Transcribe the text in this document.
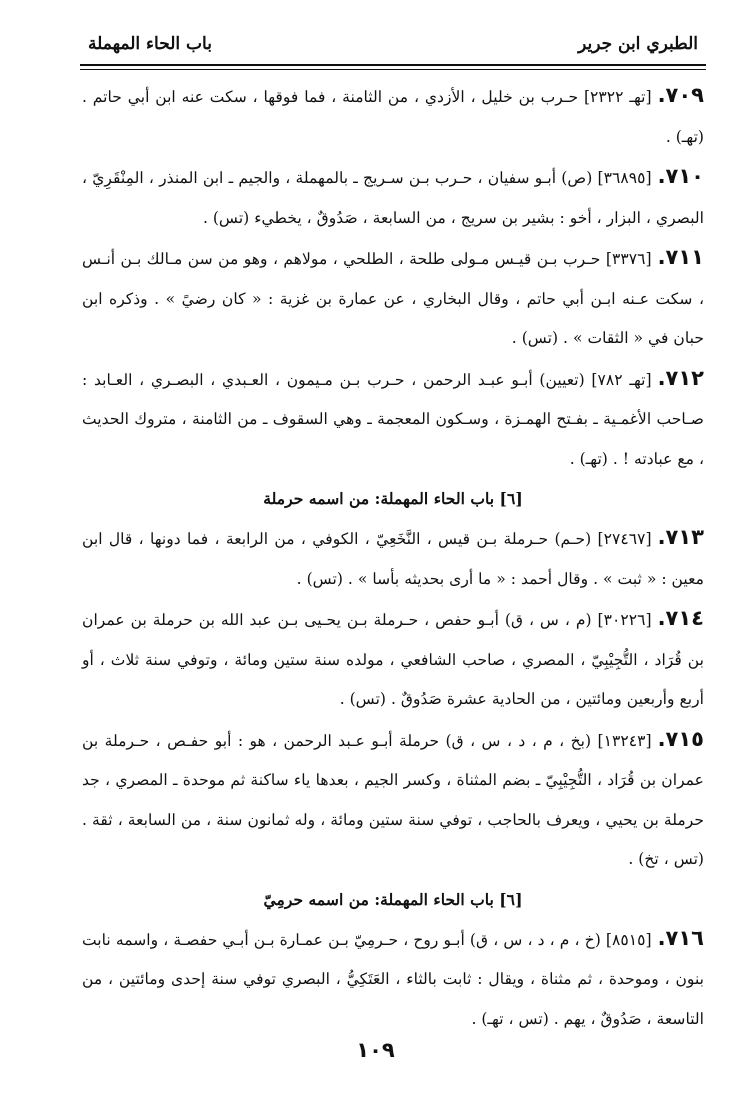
الطبري ابن جرير
باب الحاء المهملة

٧٠٩.[تهـ ٢٣٢٢] حـرب بن خليل ، الأزدي ، من الثامنة ، فما فوقها ، سكت عنه ابن أبي حاتم . (تهـ) .

٧١٠.[٣٦٨٩٥] (ص) أبـو سفيان ، حـرب بـن سـريج ـ بالمهملة ، والجيم ـ ابن المنذر ، المِنْقَرِيّ ، البصري ، البزار ، أخو : بشير بن سريج ، من السابعة ، صَدُوقٌ ، يخطيء (تس) .

٧١١.[٣٣٧٦] حـرب بـن قيـس مـولى طلحة ، الطلحي ، مولاهم ، وهو من سن مـالك بـن أنـس ، سكت عـنه ابـن أبي حاتم ، وقال البخاري ، عن عمارة بن غزية : « كان رضيً » . وذكره ابن حبان في « الثقات » . (تس) .

٧١٢.[تهـ ٧٨٢] (تعيين) أبـو عبـد الرحمن ، حـرب بـن مـيمون ، العـبدي ، البصـري ، العـابد : صـاحب الأغمـية ـ بفـتح الهمـزة ، وسـكون المعجمة ـ وهي السقوف ـ من الثامنة ، متروك الحديث ، مع عبادته ! . (تهـ) .

[٦] باب الحاء المهملة: من اسمه حرملة

٧١٣.[٢٧٤٦٧] (حـم) حـرملة بـن قيس ، النَّخَعِيّ ، الكوفي ، من الرابعة ، فما دونها ، قال ابن معين : « ثبت » . وقال أحمد : « ما أرى بحديثه بأسا » . (تس) .

٧١٤.[٣٠٢٢٦] (م ، س ، ق) أبـو حفص ، حـرملة بـن يحـيى بـن عبد الله بن حرملة بن عمران بن قُرَاد ، التُّجِيْبِيّ ، المصري ، صاحب الشافعي ، مولده سنة ستين ومائة ، وتوفي سنة ثلاث ، أو أربع وأربعين ومائتين ، من الحادية عشرة صَدُوقٌ . (تس) .

٧١٥.[١٣٢٤٣] (بخ ، م ، د ، س ، ق) حرملة أبـو عـبد الرحمن ، هو : أبو حفـص ، حـرملة بن عمران بن قُرَاد ، التُّجِيْبِيّ ـ بضم المثناة ، وكسر الجيم ، بعدها ياء ساكنة ثم موحدة ـ المصري ، جد حرملة بن يحيي ، ويعرف بالحاجب ، توفي سنة ستين ومائة ، وله ثمانون سنة ، من السابعة ، ثقة . (تس ، تخ) .

[٦] باب الحاء المهملة: من اسمه حرمِيّ

٧١٦.[٨٥١٥] (خ ، م ، د ، س ، ق) أبـو روح ، حـرمِيّ بـن عمـارة بـن أبـي حفصـة ، واسمه نابت بنون ، وموحدة ، ثم مثناة ، ويقال : ثابت بالثاء ، العَتَكِيُّ ، البصري توفي سنة إحدى ومائتين ، من التاسعة ، صَدُوقٌ ، يهم . (تس ، تهـ) .

١٠٩
